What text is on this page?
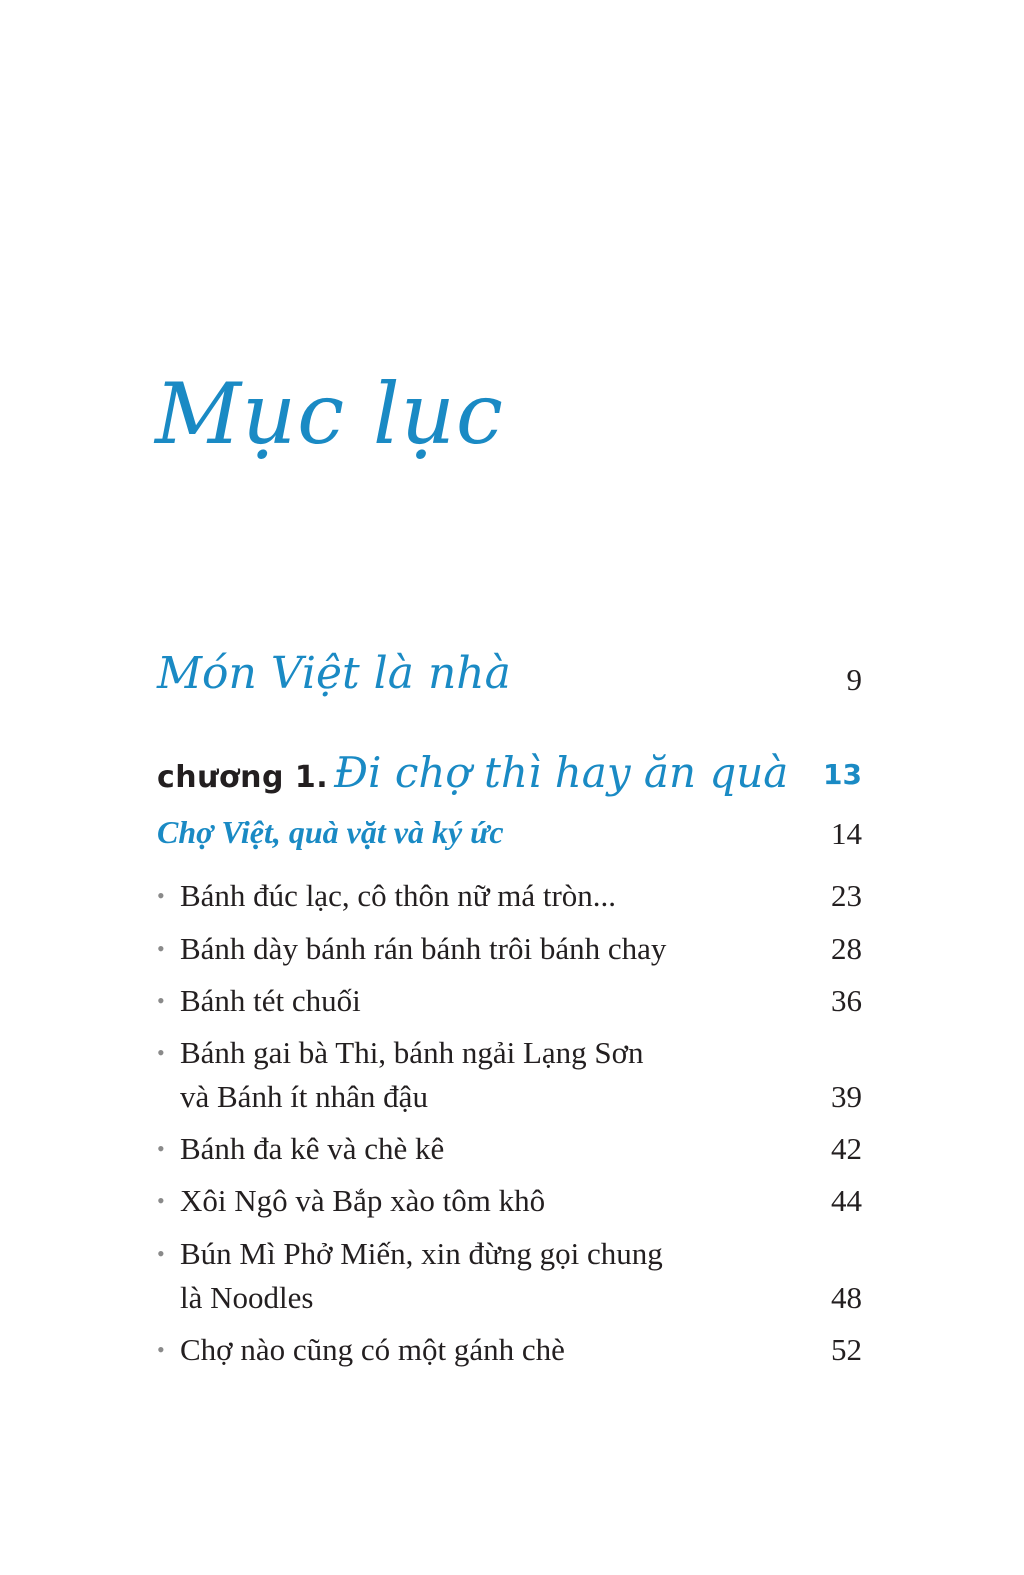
Mục lục
Món Việt là nhà	9
chương 1. Đi chợ thì hay ăn quà 13
Chợ Việt, quà vặt và ký ức	14
• Bánh đúc lạc, cô thôn nữ má tròn...	23
• Bánh dày bánh rán bánh trôi bánh chay	28
• Bánh tét chuối	36
• Bánh gai bà Thi, bánh ngải Lạng Sơn
và Bánh ít nhân đậu	39
• Bánh đa kê và chè kê	42
• Xôi Ngô và Bắp xào tôm khô	44
• Bún Mì Phở Miến, xin đừng gọi chung
là Noodles	48
• Chợ nào cũng có một gánh chè	52
